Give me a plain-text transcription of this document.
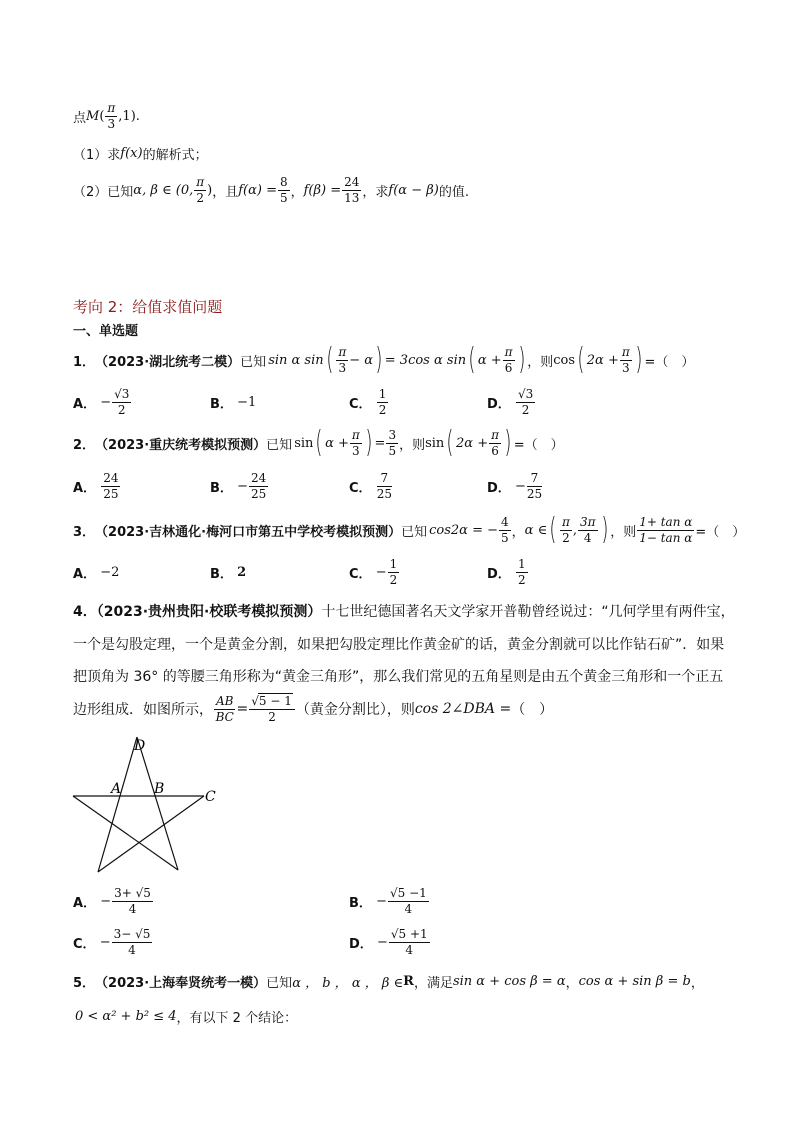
点 M ( $\frac{\pi}{3} ,1$) .
（1） 求 f(x) 的解析式；
（2） 已知 α, β ∈ (0, $\frac{\pi}{2}$ ) ，且 $f(\alpha) = \frac{8}{5}$ ， $f(\beta) = \frac{24}{13}$ ，求 f(α − β) 的值.
考向 2：给值求值问题
一、单选题
1． （2023·湖北统考二模） 已知 sin α sin ( $\frac{\pi}{3} - \alpha$ ) = 3cos α sin ( $\alpha + \frac{\pi}{6}$ ) ，则 cos ( $2\alpha + \frac{\pi}{3}$ ) =（　）
A．
− $\frac{√3}{2}$	B．
−1	C．
$\frac{1}{2}$	D．
$\frac{√3}{2}$
2． （2023·重庆统考模拟预测） 已知 sin ( $\alpha + \frac{\pi}{3}$ ) = $\frac{3}{5}$ ，则 sin ( $2\alpha + \frac{\pi}{6}$ ) =（　）
A．
$\frac{24}{25}$	B．
− $\frac{24}{25}$	C．
$\frac{7}{25}$	D．
− $\frac{7}{25}$
3． （2023·吉林通化·梅河口市第五中学校考模拟预测） 已知 cos2α = − $\frac{4}{5}$ ， α ∈ ( $\frac{\pi}{2}$ , $\frac{3\pi}{4}$ ) ，则 $\frac{\text{1+ tan α}}{\text{1− tan α}}$ =（　）
A．
−2	B．
2	C．
− $\frac{1}{2}$	D．
$\frac{1}{2}$
4．（2023·贵州贵阳·校联考模拟预测）十七世纪德国著名天文学家开普勒曾经说过：“几何学里有两件宝，
一个是勾股定理，一个是黄金分割，如果把勾股定理比作黄金矿的话，黄金分割就可以比作钻石矿”．如果
把顶角为 36° 的等腰三角形称为“黄金三角形”，那么我们常见的五角星则是由五个黄金三角形和一个正五
边形组成．如图所示， $\frac{AB}{BC} = \frac{√5 - 1}{2}$ （黄金分割比），则 cos 2∠DBA = （　）
D
A B	C
A．
− $\frac{3+ √5}{4}$	B．
− $\frac{√5 -1}{4}$
C．
− $\frac{3- √5}{4}$	D．
− $\frac{√5 +1}{4}$
5． （2023·上海奉贤统考一模） 已知 α ， b ， α ， β ∈ R ，满足 sin α + cos β = α ， cos α + sin β = b ，
0 < α² + b² ≤ 4 ，有以下 2 个结论：
